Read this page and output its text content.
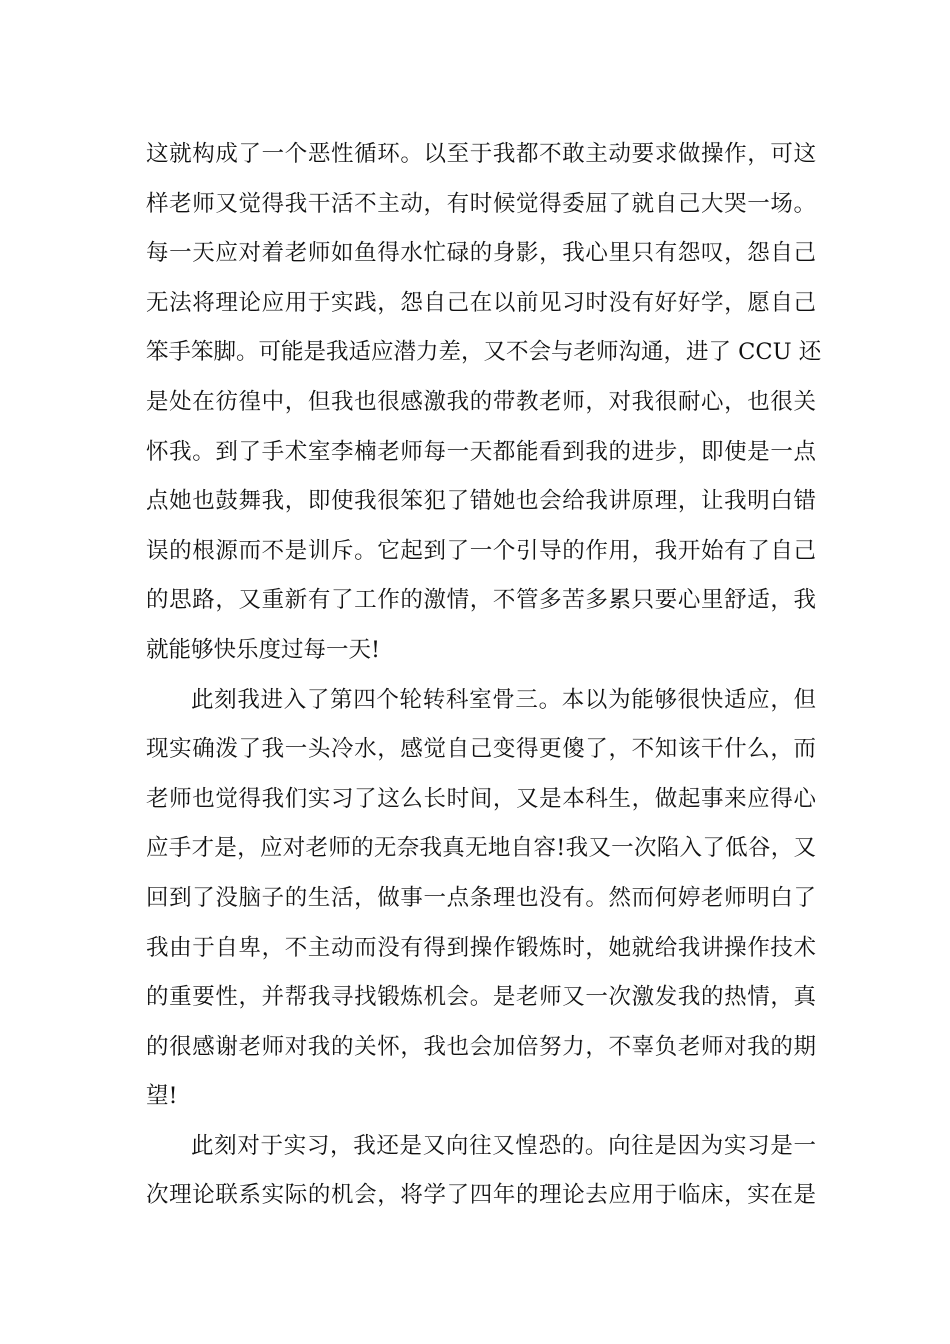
这就构成了一个恶性循环。以至于我都不敢主动要求做操作，可这
样老师又觉得我干活不主动，有时候觉得委屈了就自己大哭一场。
每一天应对着老师如鱼得水忙碌的身影，我心里只有怨叹，怨自己
无法将理论应用于实践，怨自己在以前见习时没有好好学，愿自己
笨手笨脚。可能是我适应潜力差，又不会与老师沟通，进了 CCU 还
是处在彷徨中，但我也很感激我的带教老师，对我很耐心，也很关
怀我。到了手术室李楠老师每一天都能看到我的进步，即使是一点
点她也鼓舞我，即使我很笨犯了错她也会给我讲原理，让我明白错
误的根源而不是训斥。它起到了一个引导的作用，我开始有了自己
的思路，又重新有了工作的激情，不管多苦多累只要心里舒适，我
就能够快乐度过每一天!
此刻我进入了第四个轮转科室骨三。本以为能够很快适应，但
现实确泼了我一头冷水，感觉自己变得更傻了，不知该干什么，而
老师也觉得我们实习了这么长时间，又是本科生，做起事来应得心
应手才是，应对老师的无奈我真无地自容!我又一次陷入了低谷，又
回到了没脑子的生活，做事一点条理也没有。然而何婷老师明白了
我由于自卑，不主动而没有得到操作锻炼时，她就给我讲操作技术
的重要性，并帮我寻找锻炼机会。是老师又一次激发我的热情，真
的很感谢老师对我的关怀，我也会加倍努力，不辜负老师对我的期
望!
此刻对于实习，我还是又向往又惶恐的。向往是因为实习是一
次理论联系实际的机会，将学了四年的理论去应用于临床，实在是
